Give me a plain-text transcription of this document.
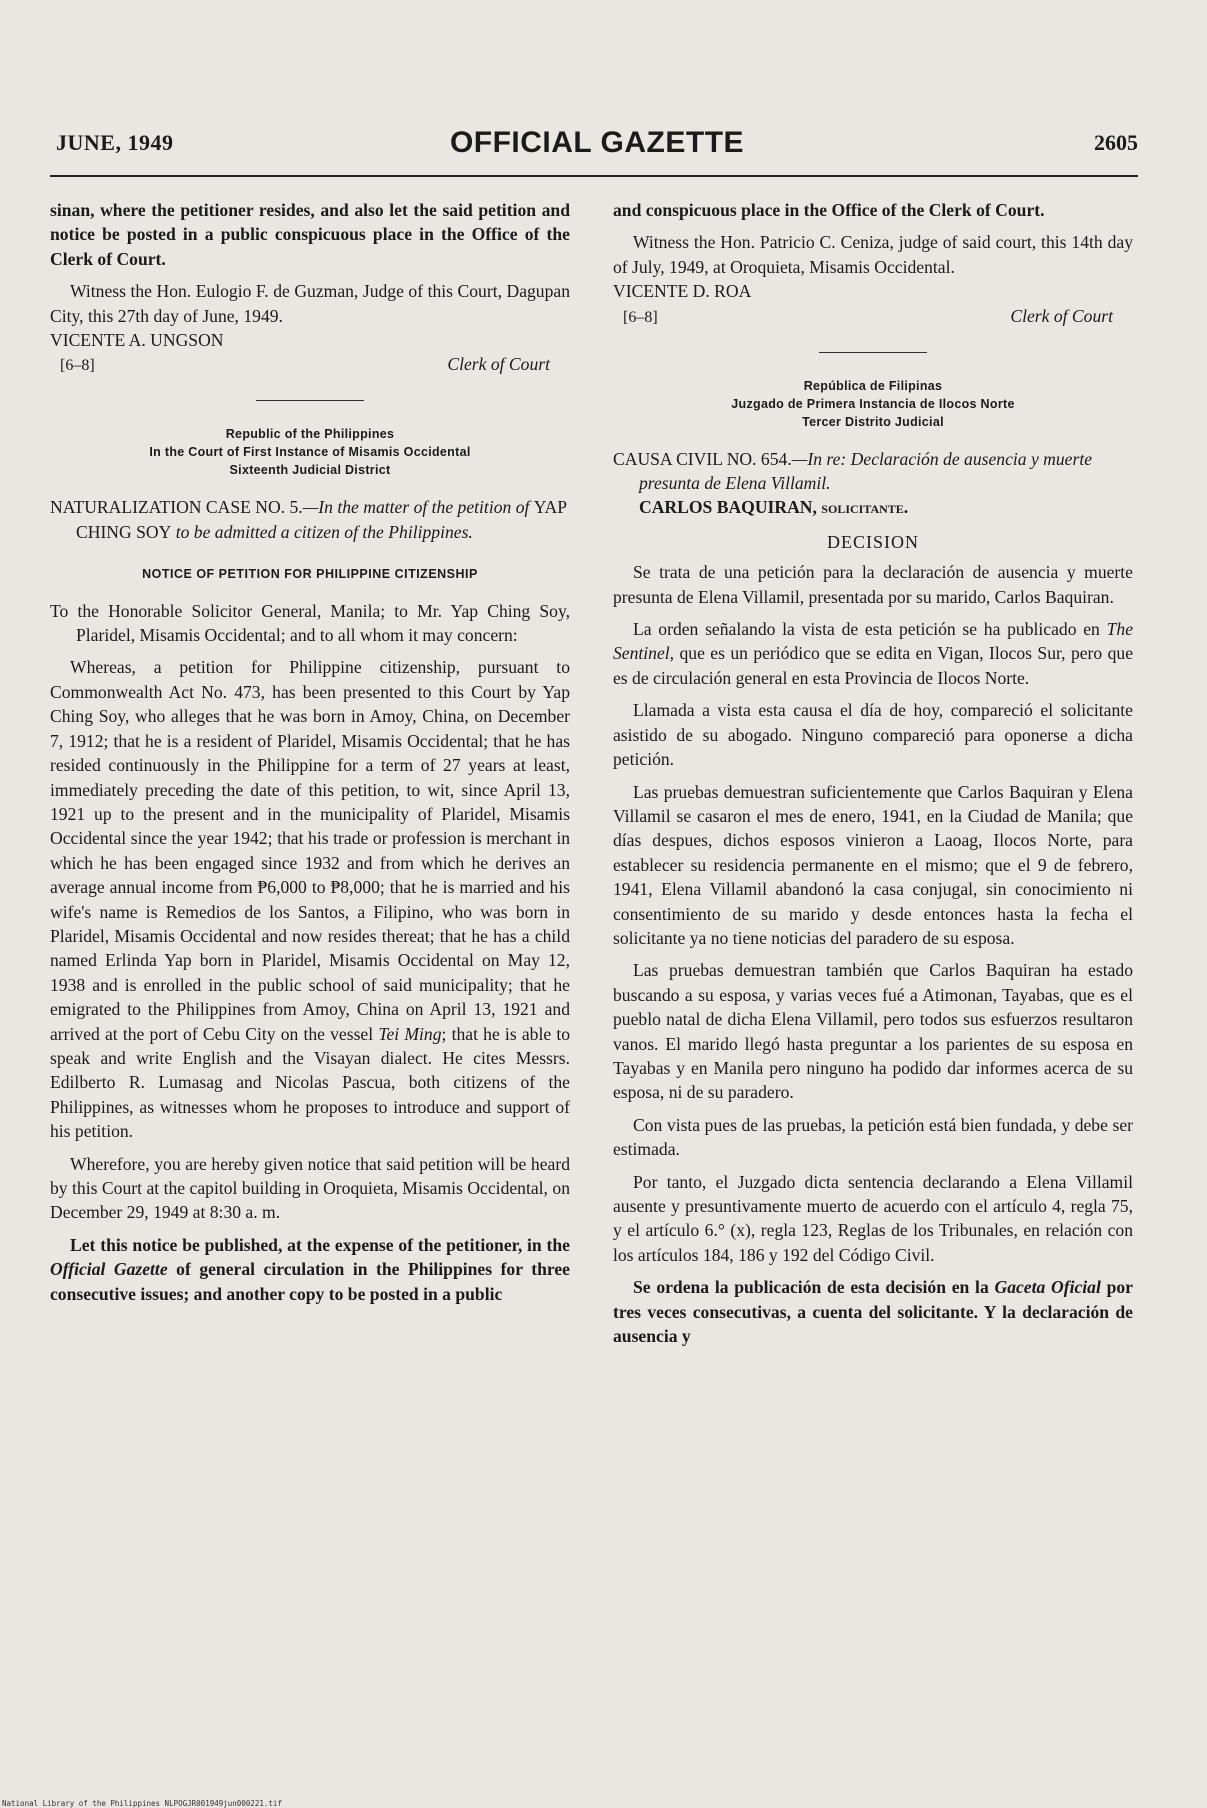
JUNE, 1949	OFFICIAL GAZETTE	2605

sinan, where the petitioner resides, and also let the said petition and notice be posted in a public conspicuous place in the Office of the Clerk of Court.

Witness the Hon. Eulogio F. de Guzman, Judge of this Court, Dagupan City, this 27th day of June, 1949.

VICENTE A. UNGSON

[6–8]	Clerk of Court
Republic of the Philippines
In the Court of First Instance of Misamis Occidental
Sixteenth Judicial District

NATURALIZATION CASE NO. 5.—In the matter of the petition of YAP CHING SOY to be admitted a citizen of the Philippines.

NOTICE OF PETITION FOR PHILIPPINE CITIZENSHIP

To the Honorable Solicitor General, Manila; to Mr. Yap Ching Soy, Plaridel, Misamis Occidental; and to all whom it may concern:

Whereas, a petition for Philippine citizenship, pursuant to Commonwealth Act No. 473, has been presented to this Court by Yap Ching Soy, who alleges that he was born in Amoy, China, on December 7, 1912; that he is a resident of Plaridel, Misamis Occidental; that he has resided continuously in the Philippine for a term of 27 years at least, immediately preceding the date of this petition, to wit, since April 13, 1921 up to the present and in the municipality of Plaridel, Misamis Occidental since the year 1942; that his trade or profession is merchant in which he has been engaged since 1932 and from which he derives an average annual income from ₱6,000 to ₱8,000; that he is married and his wife's name is Remedios de los Santos, a Filipino, who was born in Plaridel, Misamis Occidental and now resides thereat; that he has a child named Erlinda Yap born in Plaridel, Misamis Occidental on May 12, 1938 and is enrolled in the public school of said municipality; that he emigrated to the Philippines from Amoy, China on April 13, 1921 and arrived at the port of Cebu City on the vessel Tei Ming; that he is able to speak and write English and the Visayan dialect. He cites Messrs. Edilberto R. Lumasag and Nicolas Pascua, both citizens of the Philippines, as witnesses whom he proposes to introduce and support of his petition.

Wherefore, you are hereby given notice that said petition will be heard by this Court at the capitol building in Oroquieta, Misamis Occidental, on December 29, 1949 at 8:30 a. m.

Let this notice be published, at the expense of the petitioner, in the Official Gazette of general circulation in the Philippines for three consecutive issues; and another copy to be posted in a public

and conspicuous place in the Office of the Clerk of Court.

Witness the Hon. Patricio C. Ceniza, judge of said court, this 14th day of July, 1949, at Oroquieta, Misamis Occidental.

VICENTE D. ROA

[6–8]	Clerk of Court
República de Filipinas
Juzgado de Primera Instancia de Ilocos Norte
Tercer Distrito Judicial

CAUSA CIVIL NO. 654.—In re: Declaración de ausencia y muerte presunta de Elena Villamil.
CARLOS BAQUIRAN, solicitante.

DECISION

Se trata de una petición para la declaración de ausencia y muerte presunta de Elena Villamil, presentada por su marido, Carlos Baquiran.

La orden señalando la vista de esta petición se ha publicado en The Sentinel, que es un periódico que se edita en Vigan, Ilocos Sur, pero que es de circulación general en esta Provincia de Ilocos Norte.

Llamada a vista esta causa el día de hoy, compareció el solicitante asistido de su abogado. Ninguno compareció para oponerse a dicha petición.

Las pruebas demuestran suficientemente que Carlos Baquiran y Elena Villamil se casaron el mes de enero, 1941, en la Ciudad de Manila; que días despues, dichos esposos vinieron a Laoag, Ilocos Norte, para establecer su residencia permanente en el mismo; que el 9 de febrero, 1941, Elena Villamil abandonó la casa conjugal, sin conocimiento ni consentimiento de su marido y desde entonces hasta la fecha el solicitante ya no tiene noticias del paradero de su esposa.

Las pruebas demuestran también que Carlos Baquiran ha estado buscando a su esposa, y varias veces fué a Atimonan, Tayabas, que es el pueblo natal de dicha Elena Villamil, pero todos sus esfuerzos resultaron vanos. El marido llegó hasta preguntar a los parientes de su esposa en Tayabas y en Manila pero ninguno ha podido dar informes acerca de su esposa, ni de su paradero.

Con vista pues de las pruebas, la petición está bien fundada, y debe ser estimada.

Por tanto, el Juzgado dicta sentencia declarando a Elena Villamil ausente y presuntivamente muerto de acuerdo con el artículo 4, regla 75, y el artículo 6.° (x), regla 123, Reglas de los Tribunales, en relación con los artículos 184, 186 y 192 del Código Civil.

Se ordena la publicación de esta decisión en la Gaceta Oficial por tres veces consecutivas, a cuenta del solicitante. Y la declaración de ausencia y

National Library of the Philippines NLPOGJR001949jun000221.tif
